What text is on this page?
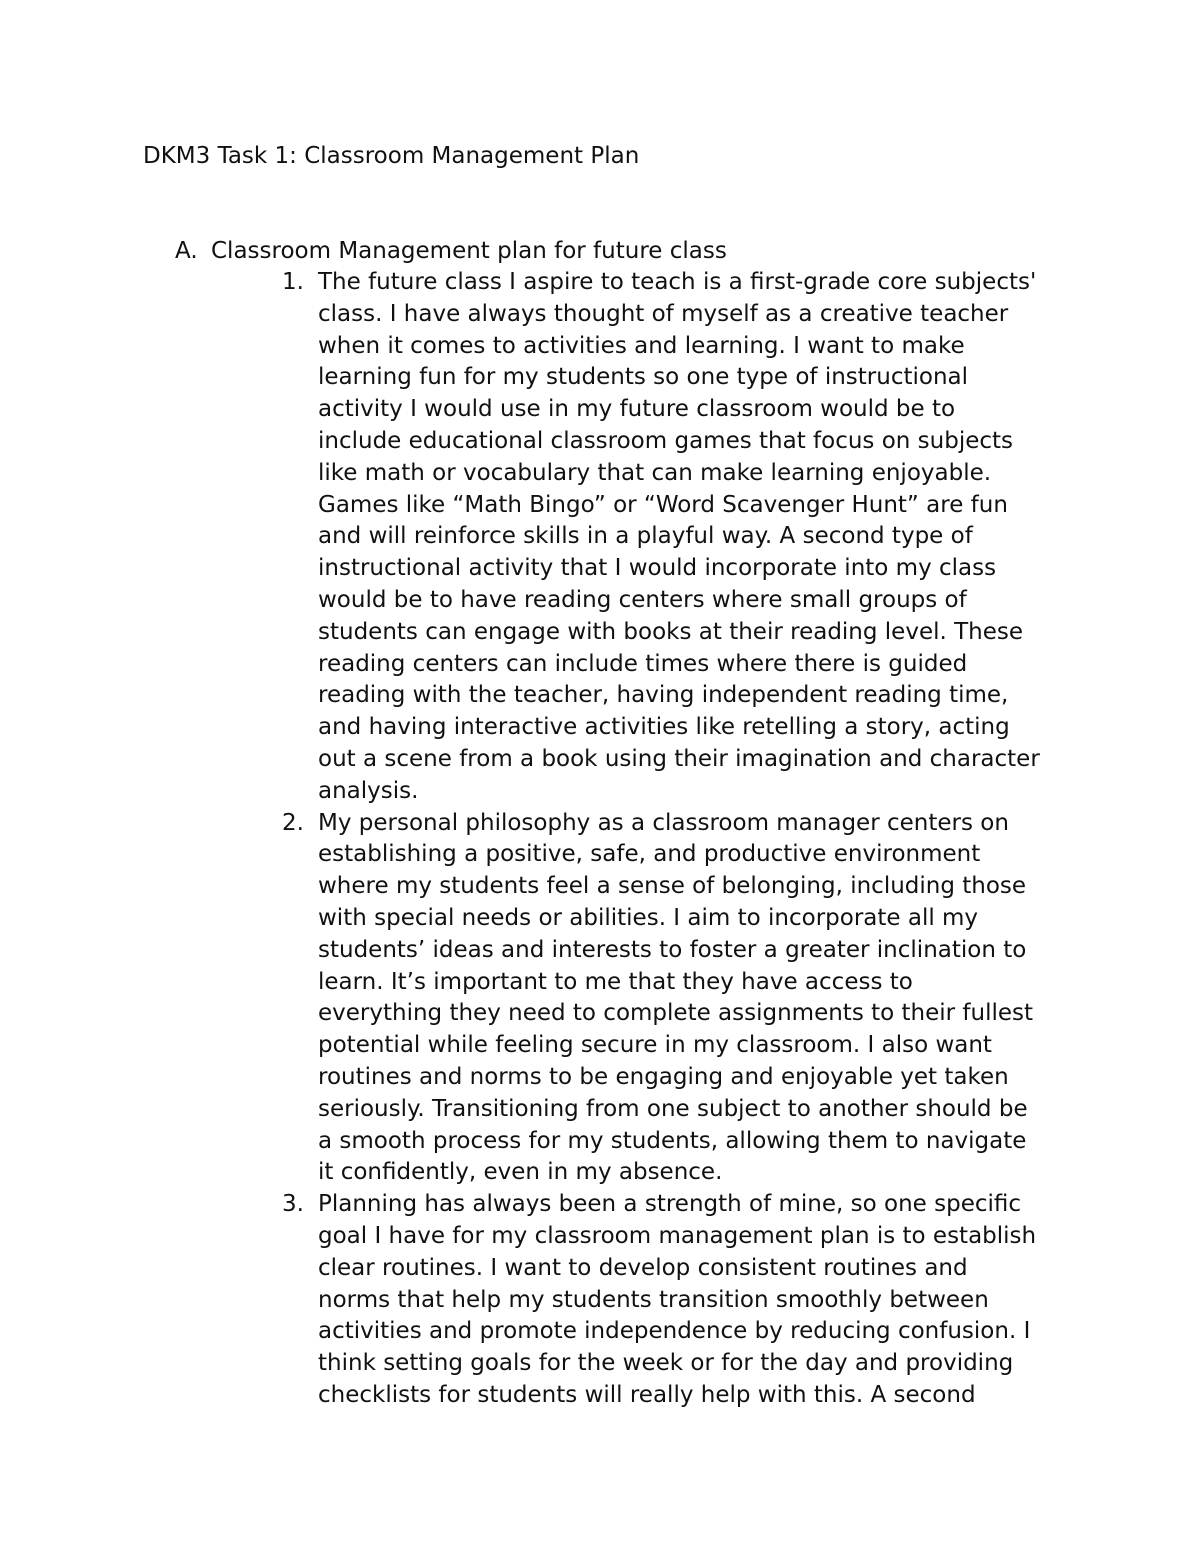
DKM3 Task 1: Classroom Management Plan
A. Classroom Management plan for future class
1. The future class I aspire to teach is a first-grade core subjects'
class. I have always thought of myself as a creative teacher
when it comes to activities and learning. I want to make
learning fun for my students so one type of instructional
activity I would use in my future classroom would be to
include educational classroom games that focus on subjects
like math or vocabulary that can make learning enjoyable.
Games like “Math Bingo” or “Word Scavenger Hunt” are fun
and will reinforce skills in a playful way. A second type of
instructional activity that I would incorporate into my class
would be to have reading centers where small groups of
students can engage with books at their reading level. These
reading centers can include times where there is guided
reading with the teacher, having independent reading time,
and having interactive activities like retelling a story, acting
out a scene from a book using their imagination and character
analysis.
2. My personal philosophy as a classroom manager centers on
establishing a positive, safe, and productive environment
where my students feel a sense of belonging, including those
with special needs or abilities. I aim to incorporate all my
students’ ideas and interests to foster a greater inclination to
learn. It’s important to me that they have access to
everything they need to complete assignments to their fullest
potential while feeling secure in my classroom. I also want
routines and norms to be engaging and enjoyable yet taken
seriously. Transitioning from one subject to another should be
a smooth process for my students, allowing them to navigate
it confidently, even in my absence.
3. Planning has always been a strength of mine, so one specific
goal I have for my classroom management plan is to establish
clear routines. I want to develop consistent routines and
norms that help my students transition smoothly between
activities and promote independence by reducing confusion. I
think setting goals for the week or for the day and providing
checklists for students will really help with this. A second
